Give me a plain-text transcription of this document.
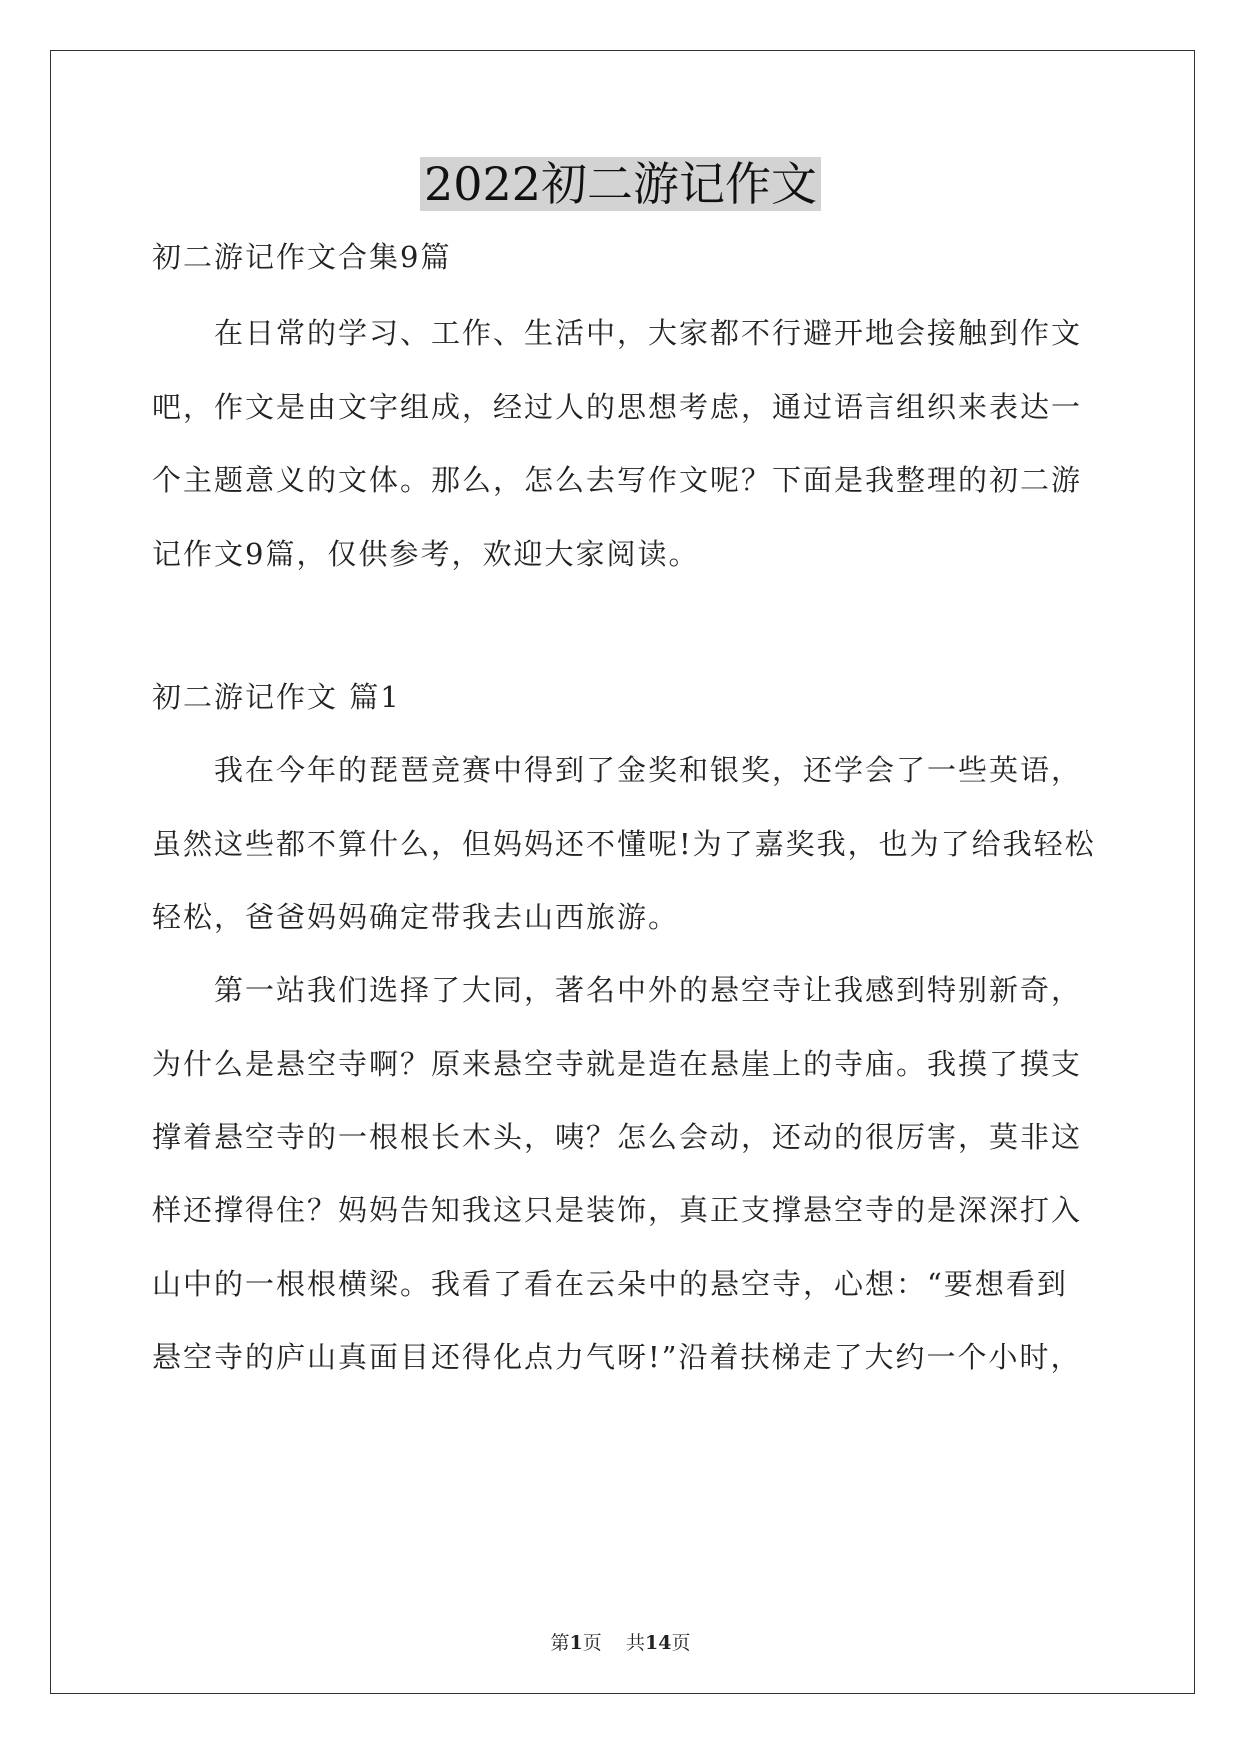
2022初二游记作文
初二游记作文合集9篇
在日常的学习、工作、生活中，大家都不行避开地会接触到作文
吧，作文是由文字组成，经过人的思想考虑，通过语言组织来表达一
个主题意义的文体。那么，怎么去写作文呢？下面是我整理的初二游
记作文9篇，仅供参考，欢迎大家阅读。
初二游记作文 篇1
我在今年的琵琶竞赛中得到了金奖和银奖，还学会了一些英语，
虽然这些都不算什么，但妈妈还不懂呢!为了嘉奖我，也为了给我轻松
轻松，爸爸妈妈确定带我去山西旅游。
第一站我们选择了大同，著名中外的悬空寺让我感到特别新奇，
为什么是悬空寺啊？原来悬空寺就是造在悬崖上的寺庙。我摸了摸支
撑着悬空寺的一根根长木头，咦？怎么会动，还动的很厉害，莫非这
样还撑得住？妈妈告知我这只是装饰，真正支撑悬空寺的是深深打入
山中的一根根横梁。我看了看在云朵中的悬空寺，心想：“要想看到
悬空寺的庐山真面目还得化点力气呀!”沿着扶梯走了大约一个小时，
第1页 共14页
